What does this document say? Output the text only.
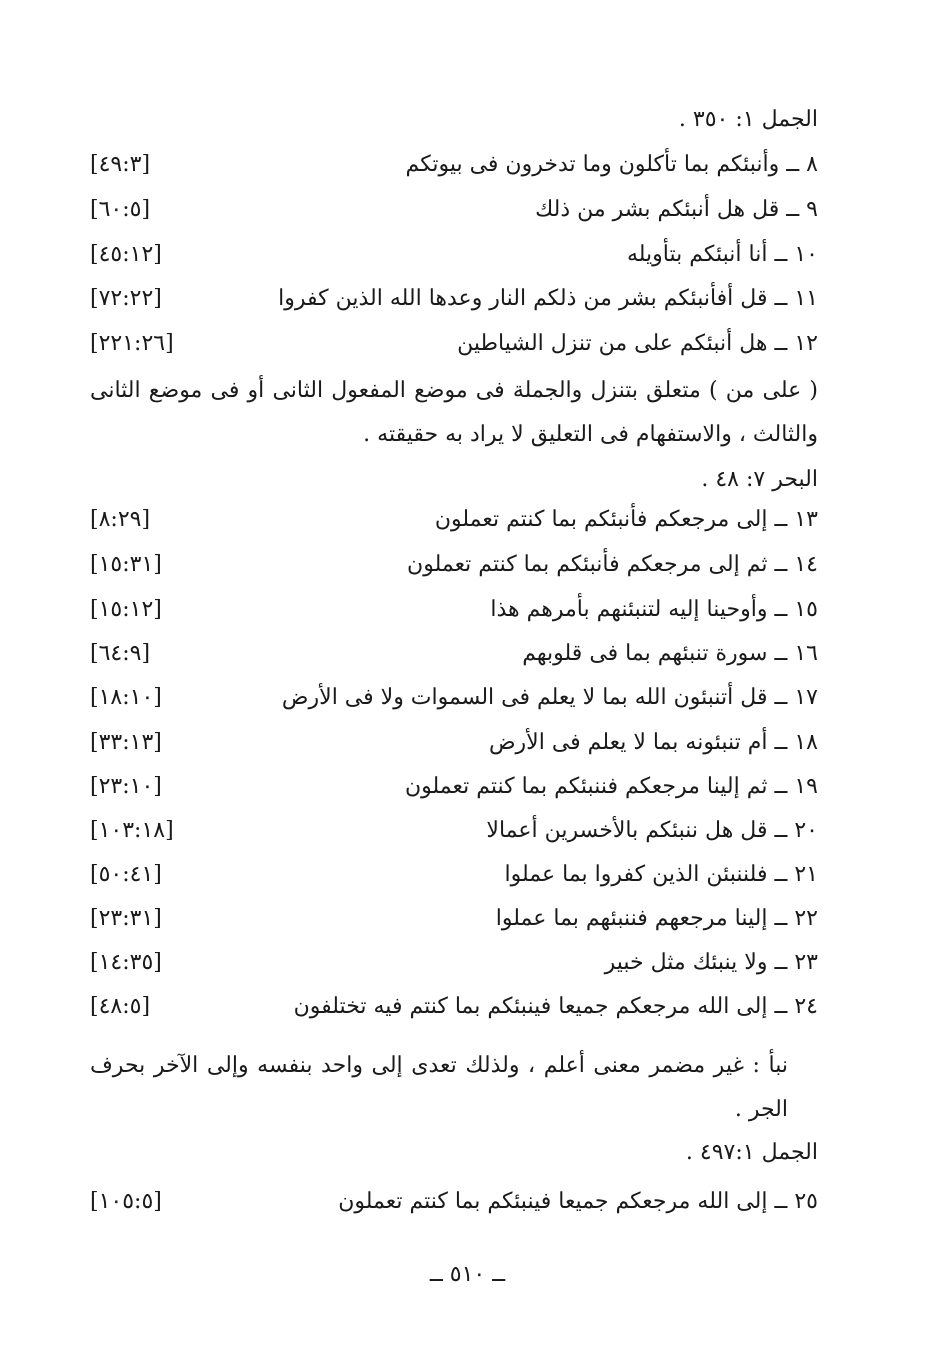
الجمل ١: ٣٥٠ .
٨ ــ وأنبئكم بما تأكلون وما تدخرون فى بيوتكم
[٤٩:٣]
٩ ــ قل هل أنبئكم بشر من ذلك
[٦٠:٥]
١٠ ــ أنا أنبئكم بتأويله
[٤٥:١٢]
١١ ــ قل أفأنبئكم بشر من ذلكم النار وعدها الله الذين كفروا
[٧٢:٢٢]
١٢ ــ هل أنبئكم على من تنزل الشياطين
[٢٢١:٢٦]
( على من ) متعلق بتنزل والجملة فى موضع المفعول الثانى أو فى موضع الثانى والثالث ، والاستفهام فى التعليق لا يراد به حقيقته .
البحر ٧: ٤٨ .
١٣ ــ إلى مرجعكم فأنبئكم بما كنتم تعملون
[٨:٢٩]
١٤ ــ ثم إلى مرجعكم فأنبئكم بما كنتم تعملون
[١٥:٣١]
١٥ ــ وأوحينا إليه لتنبئنهم بأمرهم هذا
[١٥:١٢]
١٦ ــ سورة تنبئهم بما فى قلوبهم
[٦٤:٩]
١٧ ــ قل أتنبئون الله بما لا يعلم فى السموات ولا فى الأرض
[١٨:١٠]
١٨ ــ أم تنبئونه بما لا يعلم فى الأرض
[٣٣:١٣]
١٩ ــ ثم إلينا مرجعكم فننبئكم بما كنتم تعملون
[٢٣:١٠]
٢٠ ــ قل هل ننبئكم بالأخسرين أعمالا
[١٠٣:١٨]
٢١ ــ فلننبئن الذين كفروا بما عملوا
[٥٠:٤١]
٢٢ ــ إلينا مرجعهم فننبئهم بما عملوا
[٢٣:٣١]
٢٣ ــ ولا ينبئك مثل خبير
[١٤:٣٥]
٢٤ ــ إلى الله مرجعكم جميعا فينبئكم بما كنتم فيه تختلفون
[٤٨:٥]
نبأ : غير مضمر معنى أعلم ، ولذلك تعدى إلى واحد بنفسه وإلى الآخر بحرف الجر .
الجمل ٤٩٧:١ .
٢٥ ــ إلى الله مرجعكم جميعا فينبئكم بما كنتم تعملون
[١٠٥:٥]
ــ ٥١٠ ــ
